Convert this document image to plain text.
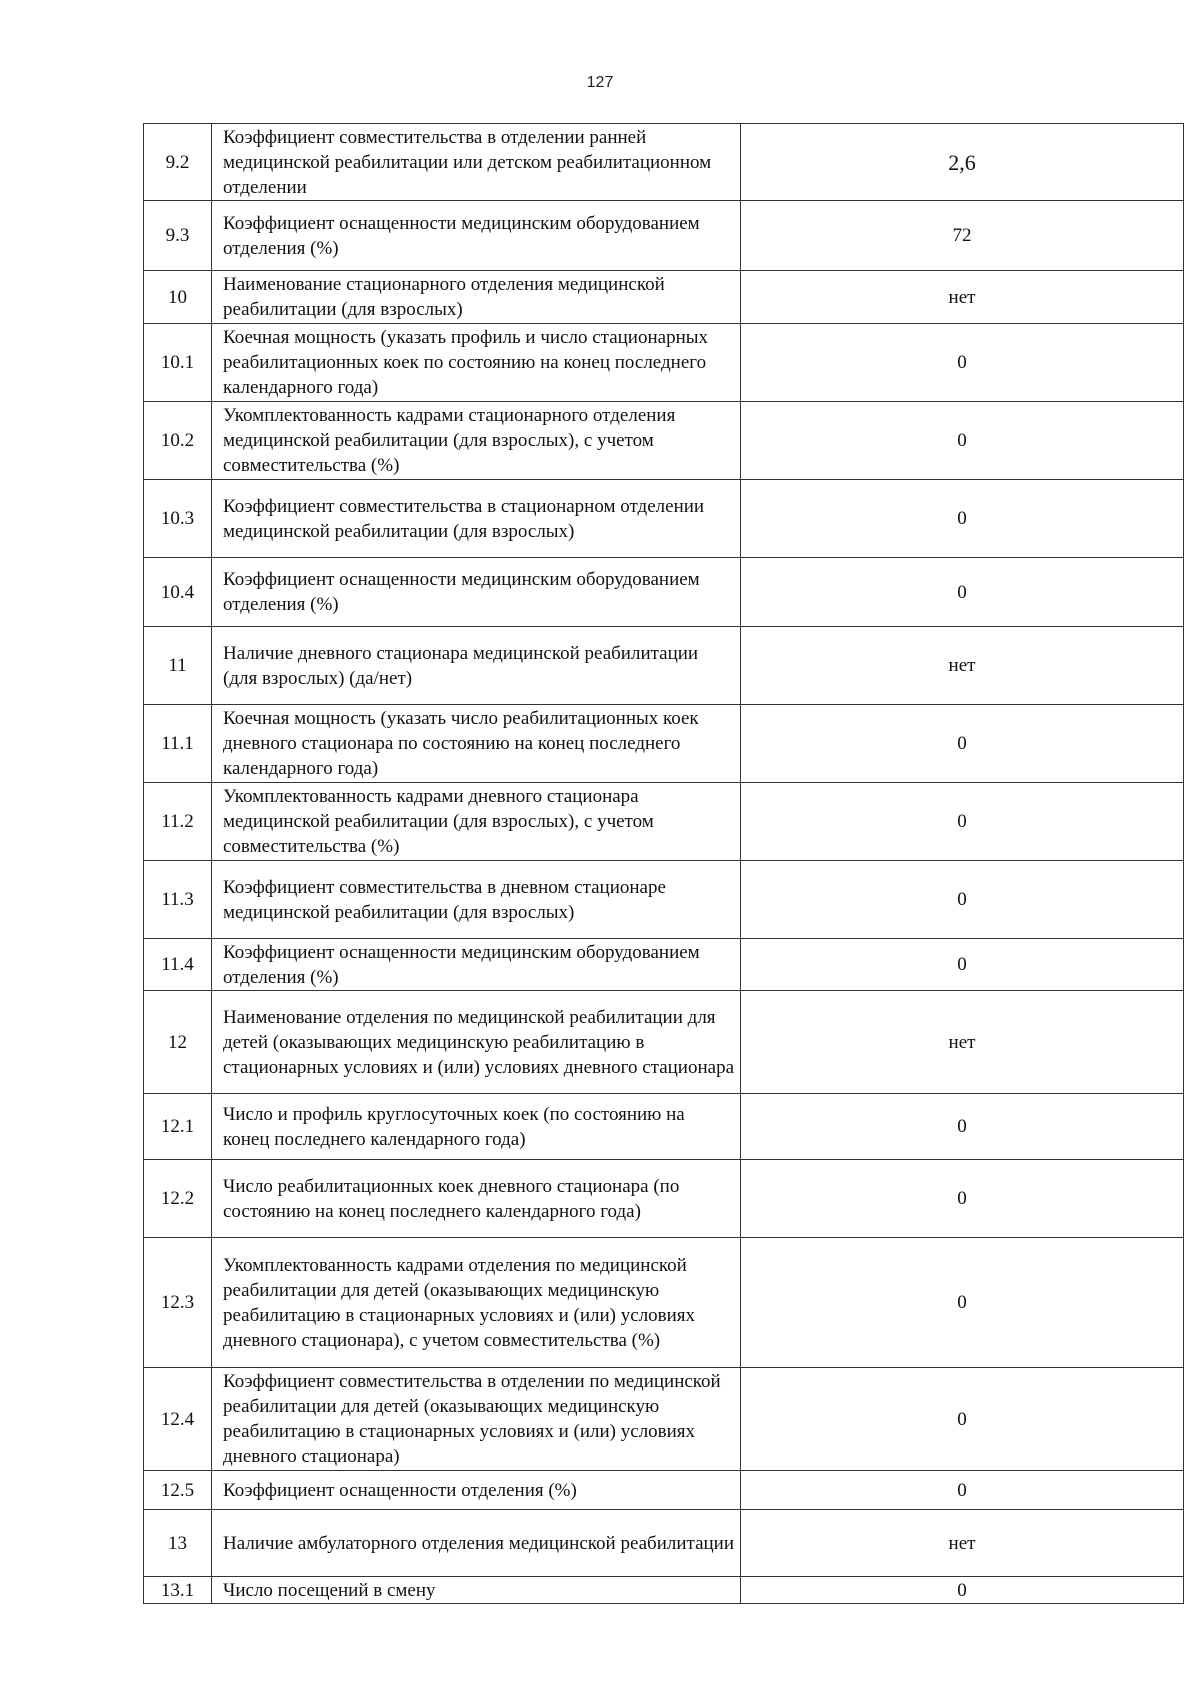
127
9.2	Коэффициент совместительства в отделении ранней медицинской реабилитации или детском реабилитационном отделении	2,6
9.3	Коэффициент оснащенности медицинским оборудованием отделения (%)	72
10	Наименование стационарного отделения медицинской реабилитации (для взрослых)	нет
10.1	Коечная мощность (указать профиль и число стационарных реабилитационных коек по состоянию на конец последнего календарного года)	0
10.2	Укомплектованность кадрами стационарного отделения медицинской реабилитации (для взрослых), с учетом совместительства (%)	0
10.3	Коэффициент совместительства в стационарном отделении медицинской реабилитации (для взрослых)	0
10.4	Коэффициент оснащенности медицинским оборудованием отделения (%)	0
11	Наличие дневного стационара медицинской реабилитации (для взрослых) (да/нет)	нет
11.1	Коечная мощность (указать число реабилитационных коек дневного стационара по состоянию на конец последнего календарного года)	0
11.2	Укомплектованность кадрами дневного стационара медицинской реабилитации (для взрослых), с учетом совместительства (%)	0
11.3	Коэффициент совместительства в дневном стационаре медицинской реабилитации (для взрослых)	0
11.4	Коэффициент оснащенности медицинским оборудованием отделения (%)	0
12	Наименование отделения по медицинской реабилитации для детей (оказывающих медицинскую реабилитацию в стационарных условиях и (или) условиях дневного стационара	нет
12.1	Число и профиль круглосуточных коек (по состоянию на конец последнего календарного года)	0
12.2	Число реабилитационных коек дневного стационара (по состоянию на конец последнего календарного года)	0
12.3	Укомплектованность кадрами отделения по медицинской реабилитации для детей (оказывающих медицинскую реабилитацию в стационарных условиях и (или) условиях дневного стационара), с учетом совместительства (%)	0
12.4	Коэффициент совместительства в отделении по медицинской реабилитации для детей (оказывающих медицинскую реабилитацию в стационарных условиях и (или) условиях дневного стационара)	0
12.5	Коэффициент оснащенности отделения (%)	0
13	Наличие амбулаторного отделения медицинской реабилитации	нет
13.1	Число посещений в смену	0
